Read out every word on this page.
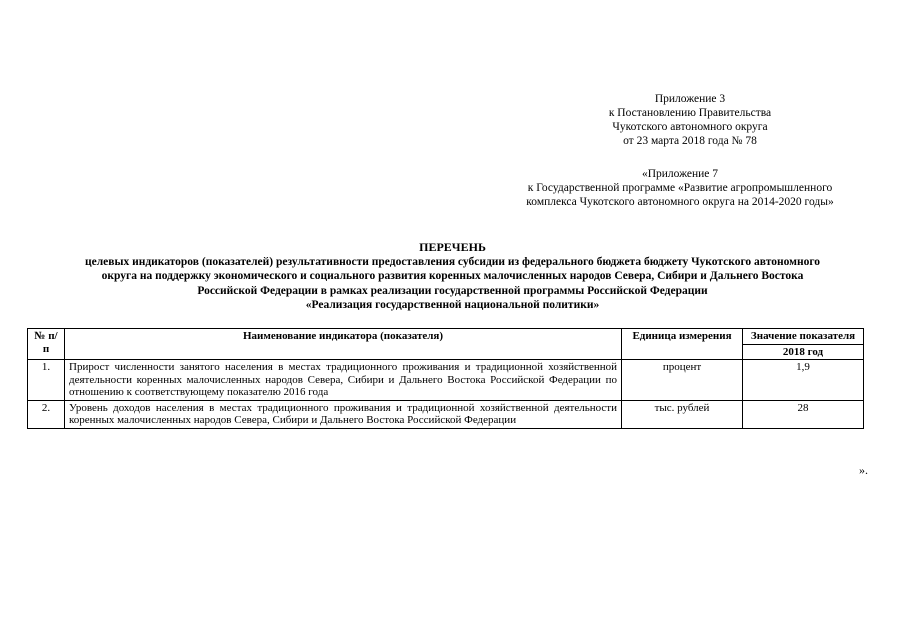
Приложение 3
к Постановлению Правительства
Чукотского автономного округа
от 23 марта 2018 года № 78
«Приложение 7
к Государственной программе «Развитие агропромышленного
комплекса Чукотского автономного округа на 2014-2020 годы»
ПЕРЕЧЕНЬ
целевых индикаторов (показателей) результативности предоставления субсидии из федерального бюджета бюджету Чукотского автономного
округа на поддержку экономического и социального развития коренных малочисленных народов Севера, Сибири и Дальнего Востока
Российской Федерации в рамках реализации государственной программы Российской Федерации
«Реализация государственной национальной политики»
№ п/п	Наименование индикатора (показателя)	Единица измерения	Значение показателя
			2018 год
1.	Прирост численности занятого населения в местах традиционного проживания и традиционной хозяйственной деятельности коренных малочисленных народов Севера, Сибири и Дальнего Востока Российской Федерации по отношению к соответствующему показателю 2016 года	процент	1,9
2.	Уровень доходов населения в местах традиционного проживания и традиционной хозяйственной деятельности коренных малочисленных народов Севера, Сибири и Дальнего Востока Российской Федерации	тыс. рублей	28
».
